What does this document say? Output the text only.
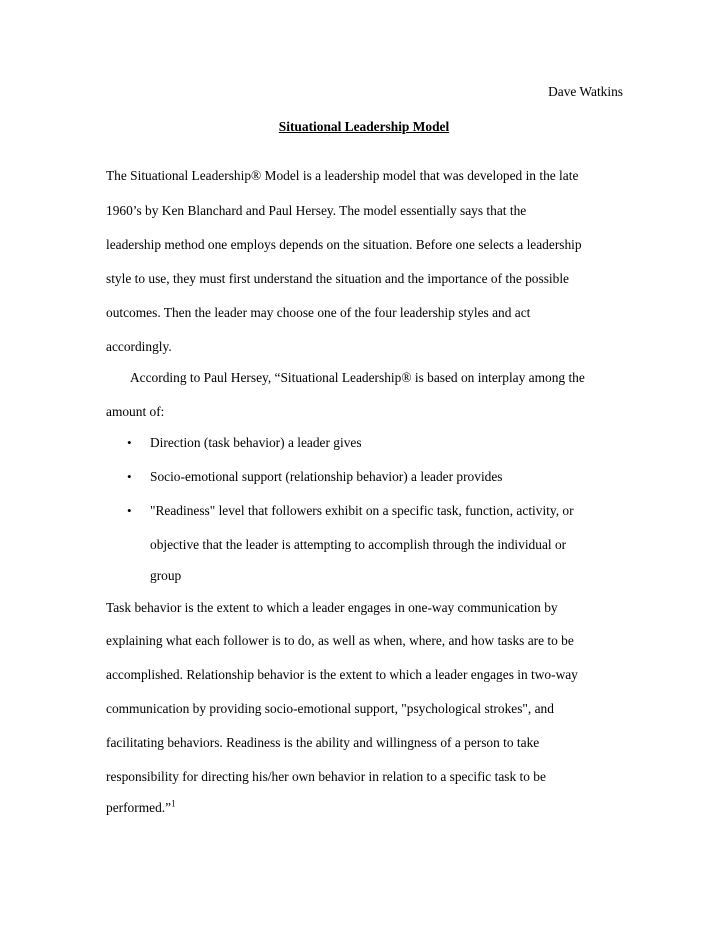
Dave Watkins
Situational Leadership Model
The Situational Leadership® Model is a leadership model that was developed in the late
1960’s by Ken Blanchard and Paul Hersey. The model essentially says that the
leadership method one employs depends on the situation. Before one selects a leadership
style to use, they must first understand the situation and the importance of the possible
outcomes. Then the leader may choose one of the four leadership styles and act
accordingly.
According to Paul Hersey, “Situational Leadership® is based on interplay among the
amount of:
• Direction (task behavior) a leader gives
• Socio-emotional support (relationship behavior) a leader provides
• "Readiness" level that followers exhibit on a specific task, function, activity, or
objective that the leader is attempting to accomplish through the individual or
group
Task behavior is the extent to which a leader engages in one-way communication by
explaining what each follower is to do, as well as when, where, and how tasks are to be
accomplished. Relationship behavior is the extent to which a leader engages in two-way
communication by providing socio-emotional support, "psychological strokes", and
facilitating behaviors. Readiness is the ability and willingness of a person to take
responsibility for directing his/her own behavior in relation to a specific task to be
performed.”$^1$
